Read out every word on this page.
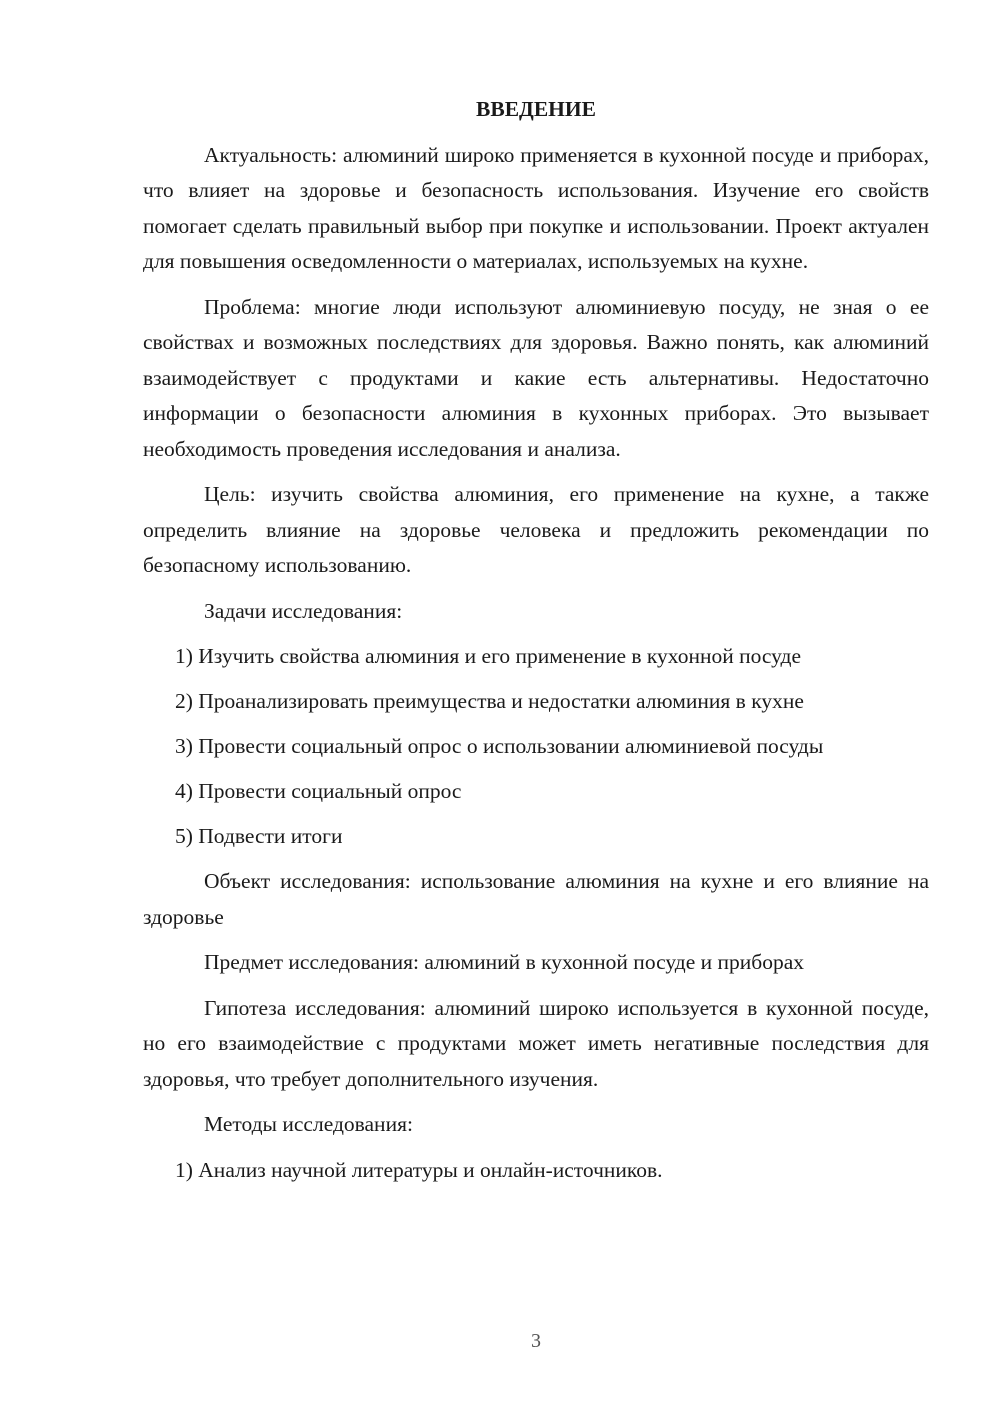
ВВЕДЕНИЕ

Актуальность: алюминий широко применяется в кухонной посуде и приборах, что влияет на здоровье и безопасность использования. Изучение его свойств помогает сделать правильный выбор при покупке и использовании. Проект актуален для повышения осведомленности о материалах, используемых на кухне.

Проблема: многие люди используют алюминиевую посуду, не зная о ее свойствах и возможных последствиях для здоровья. Важно понять, как алюминий взаимодействует с продуктами и какие есть альтернативы. Недостаточно информации о безопасности алюминия в кухонных приборах. Это вызывает необходимость проведения исследования и анализа.

Цель: изучить свойства алюминия, его применение на кухне, а также определить влияние на здоровье человека и предложить рекомендации по безопасному использованию.

Задачи исследования:

1) Изучить свойства алюминия и его применение в кухонной посуде

2) Проанализировать преимущества и недостатки алюминия в кухне

3) Провести социальный опрос о использовании алюминиевой посуды

4) Провести социальный опрос

5) Подвести итоги

Объект исследования: использование алюминия на кухне и его влияние на здоровье

Предмет исследования: алюминий в кухонной посуде и приборах

Гипотеза исследования: алюминий широко используется в кухонной посуде, но его взаимодействие с продуктами может иметь негативные последствия для здоровья, что требует дополнительного изучения.

Методы исследования:

1) Анализ научной литературы и онлайн-источников.

3
